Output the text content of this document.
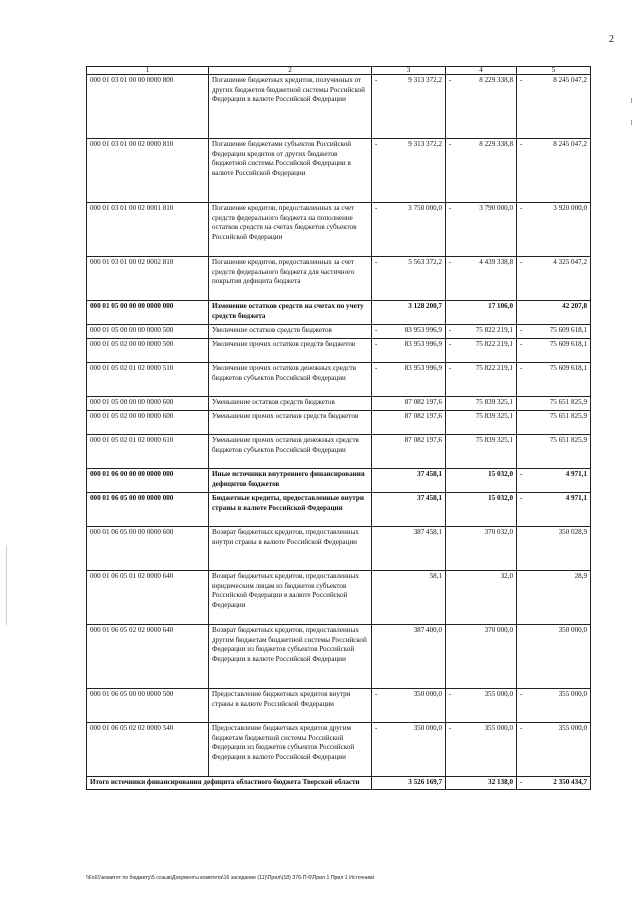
2
1	2	3	4	5
000 01 03 01 00 00 0000 800	Погашение бюджетных кредитов, полученных от других бюджетов бюджетной системы Российской Федерации в валюте Российской Федерации	- 9 313 372,2	- 8 229 338,8	- 8 245 047,2

000 01 03 01 00 02 0000 810	Погашение бюджетами субъектов Российской Федерации кредитов от других бюджетов бюджетной системы Российской Федерации в валюте Российской Федерации	- 9 313 372,2	- 8 229 338,8	- 8 245 047,2

000 01 03 01 00 02 0001 810	Погашение кредитов, предоставленных за счет средств федерального бюджета на пополнение остатков средств на счетах бюджетов субъектов Российской Федерации	- 3 750 000,0	- 3 790 000,0	- 3 920 000,0

000 01 03 01 00 02 0002 810	Погашение кредитов, предоставленных за счет средств федерального бюджета для частичного покрытия дефицита бюджета	- 5 563 372,2	- 4 439 338,8	- 4 325 047,2

000 01 05 00 00 00 0000 000	Изменение остатков средств на счетах по учету средств бюджета	3 128 200,7	17 106,0	42 207,8

000 01 05 00 00 00 0000 500	Увеличение остатков средств бюджетов	- 83 953 996,9	- 75 822 219,1	- 75 609 618,1

000 01 05 02 00 00 0000 500	Увеличение прочих остатков средств бюджетов	- 83 953 996,9	- 75 822 219,1	- 75 609 618,1

000 01 05 02 01 02 0000 510	Увеличение прочих остатков денежных средств бюджетов субъектов Российской Федерации	- 83 953 996,9	- 75 822 219,1	- 75 609 618,1

000 01 05 00 00 00 0000 600	Уменьшение остатков средств бюджетов	87 082 197,6	75 839 325,1	75 651 825,9

000 01 05 02 00 00 0000 600	Уменьшение прочих остатков средств бюджетов	87 082 197,6	75 839 325,1	75 651 825,9

000 01 05 02 01 02 0000 610	Уменьшение прочих остатков денежных средств бюджетов субъектов Российской Федерации	87 082 197,6	75 839 325,1	75 651 825,9

000 01 06 00 00 00 0000 000	Иные источники внутреннего финансирования дефицитов бюджетов	37 458,1	15 032,0	- 4 971,1

000 01 06 05 00 00 0000 000	Бюджетные кредиты, предоставленные внутри страны в валюте Российской Федерации	37 458,1	15 032,0	- 4 971,1

000 01 06 05 00 00 0000 600	Возврат бюджетных кредитов, предоставленных внутри страны в валюте Российской Федерации	387 458,1	370 032,0	350 028,9

000 01 06 05 01 02 0000 640	Возврат бюджетных кредитов, предоставленных юридическим лицам из бюджетов субъектов Российской Федерации в валюте Российской Федерации	58,1	32,0	28,9

000 01 06 05 02 02 0000 640	Возврат бюджетных кредитов, предоставленных другим бюджетам бюджетной системы Российской Федерации из бюджетов субъектов Российской Федерации в валюте Российской Федерации	387 400,0	370 000,0	350 000,0

000 01 06 05 00 00 0000 500	Предоставление бюджетных кредитов внутри страны в валюте Российской Федерации	- 350 000,0	- 355 000,0	- 355 000,0

000 01 06 05 02 02 0000 540	Предоставление бюджетных кредитов другим бюджетам бюджетной системы Российской Федерации из бюджетов субъектов Российской Федерации в валюте Российской Федерации	- 350 000,0	- 355 000,0	- 355 000,0

Итого источники финансирования дефицита областного бюджета Тверской области		3 526 169,7	32 138,0	- 2 350 434,7
\\Fs01\комитет по бюджету\5 созыв\Документы комитета\16 заседание (11)\Прил\(18) 376-П-6\Прил 1 Прил 1 Источники
